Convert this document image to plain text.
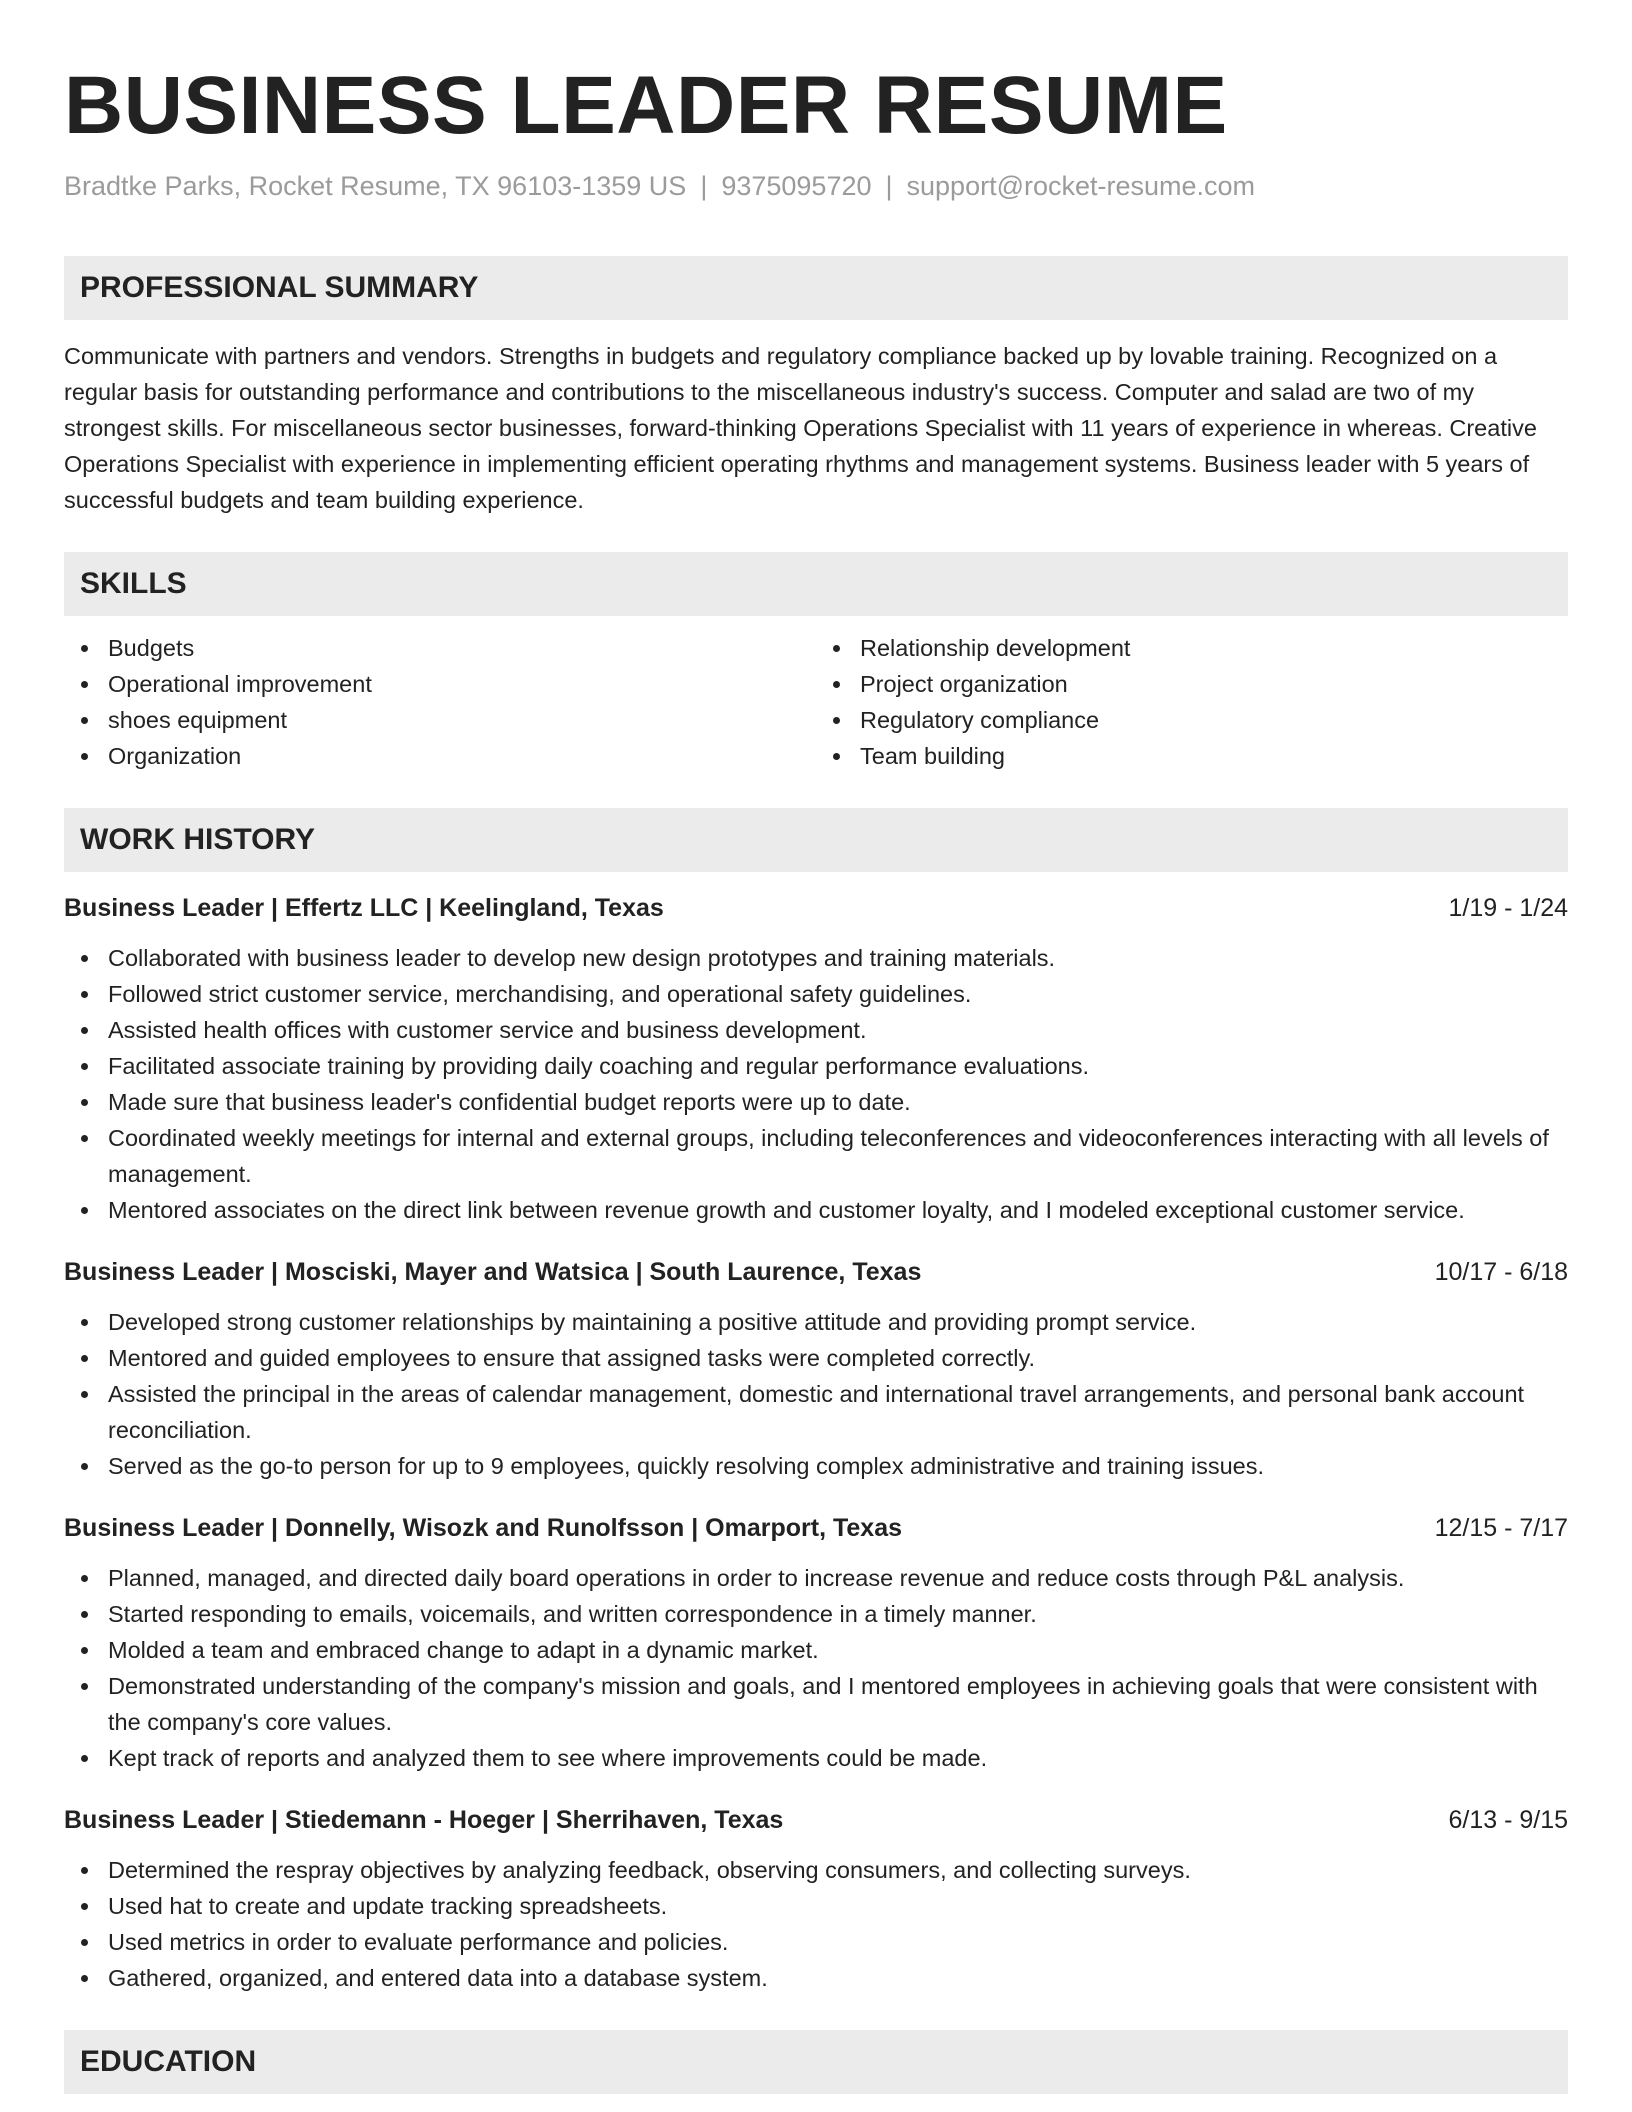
BUSINESS LEADER RESUME
Bradtke Parks, Rocket Resume, TX 96103-1359 US | 9375095720 | support@rocket-resume.com
PROFESSIONAL SUMMARY

Communicate with partners and vendors. Strengths in budgets and regulatory compliance backed up by lovable training. Recognized on a regular basis for outstanding performance and contributions to the miscellaneous industry's success. Computer and salad are two of my strongest skills. For miscellaneous sector businesses, forward-thinking Operations Specialist with 11 years of experience in whereas. Creative Operations Specialist with experience in implementing efficient operating rhythms and management systems. Business leader with 5 years of successful budgets and team building experience.

SKILLS
Budgets
Operational improvement
shoes equipment
Organization
Relationship development
Project organization
Regulatory compliance
Team building
WORK HISTORY
Business Leader | Effertz LLC | Keelingland, Texas	1/19 - 1/24
Collaborated with business leader to develop new design prototypes and training materials.
Followed strict customer service, merchandising, and operational safety guidelines.
Assisted health offices with customer service and business development.
Facilitated associate training by providing daily coaching and regular performance evaluations.
Made sure that business leader's confidential budget reports were up to date.
Coordinated weekly meetings for internal and external groups, including teleconferences and videoconferences interacting with all levels of management.
Mentored associates on the direct link between revenue growth and customer loyalty, and I modeled exceptional customer service.
Business Leader | Mosciski, Mayer and Watsica | South Laurence, Texas	10/17 - 6/18
Developed strong customer relationships by maintaining a positive attitude and providing prompt service.
Mentored and guided employees to ensure that assigned tasks were completed correctly.
Assisted the principal in the areas of calendar management, domestic and international travel arrangements, and personal bank account reconciliation.
Served as the go-to person for up to 9 employees, quickly resolving complex administrative and training issues.
Business Leader | Donnelly, Wisozk and Runolfsson | Omarport, Texas	12/15 - 7/17
Planned, managed, and directed daily board operations in order to increase revenue and reduce costs through P&L analysis.
Started responding to emails, voicemails, and written correspondence in a timely manner.
Molded a team and embraced change to adapt in a dynamic market.
Demonstrated understanding of the company's mission and goals, and I mentored employees in achieving goals that were consistent with the company's core values.
Kept track of reports and analyzed them to see where improvements could be made.
Business Leader | Stiedemann - Hoeger | Sherrihaven, Texas	6/13 - 9/15
Determined the respray objectives by analyzing feedback, observing consumers, and collecting surveys.
Used hat to create and update tracking spreadsheets.
Used metrics in order to evaluate performance and policies.
Gathered, organized, and entered data into a database system.
EDUCATION
